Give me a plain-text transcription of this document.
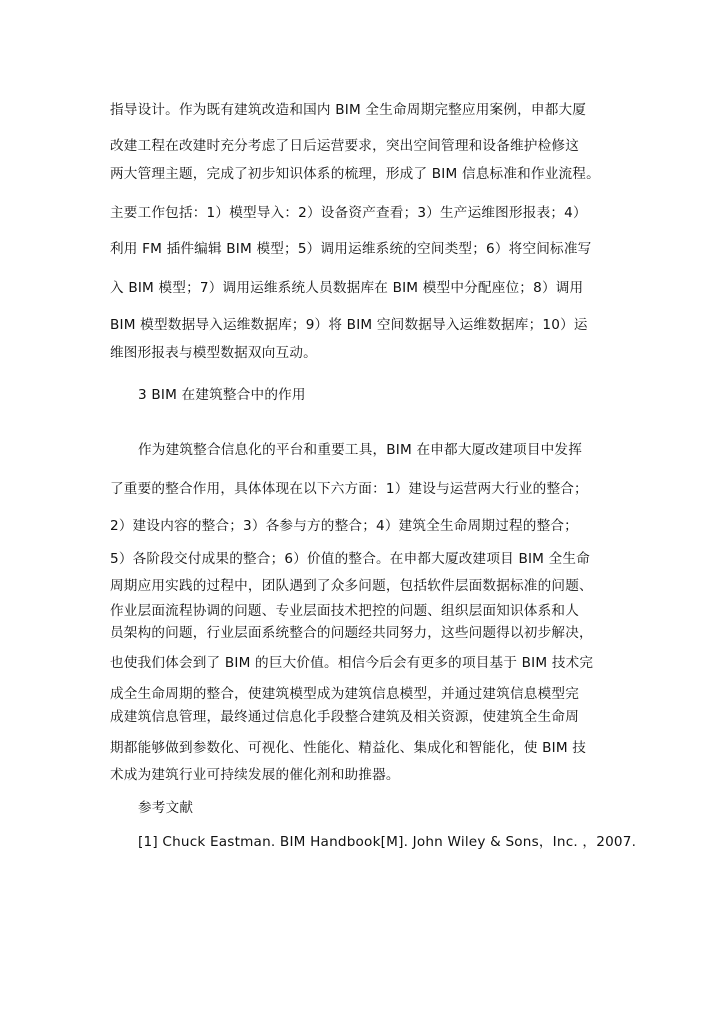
指导设计。作为既有建筑改造和国内 BIM 全生命周期完整应用案例，申都大厦
改建工程在改建时充分考虑了日后运营要求，突出空间管理和设备维护检修这
两大管理主题，完成了初步知识体系的梳理，形成了 BIM 信息标准和作业流程。
主要工作包括：1）模型导入：2）设备资产查看；3）生产运维图形报表；4）
利用 FM 插件编辑 BIM 模型；5）调用运维系统的空间类型；6）将空间标准写
入 BIM 模型；7）调用运维系统人员数据库在 BIM 模型中分配座位；8）调用
BIM 模型数据导入运维数据库；9）将 BIM 空间数据导入运维数据库；10）运
维图形报表与模型数据双向互动。
3 BIM 在建筑整合中的作用
作为建筑整合信息化的平台和重要工具，BIM 在申都大厦改建项目中发挥
了重要的整合作用，具体体现在以下六方面：1）建设与运营两大行业的整合；
2）建设内容的整合；3）各参与方的整合；4）建筑全生命周期过程的整合；
5）各阶段交付成果的整合；6）价值的整合。在申都大厦改建项目 BIM 全生命
周期应用实践的过程中，团队遇到了众多问题，包括软件层面数据标准的问题、
作业层面流程协调的问题、专业层面技术把控的问题、组织层面知识体系和人
员架构的问题，行业层面系统整合的问题经共同努力，这些问题得以初步解决，
也使我们体会到了 BIM 的巨大价值。相信今后会有更多的项目基于 BIM 技术完
成全生命周期的整合，使建筑模型成为建筑信息模型，并通过建筑信息模型完
成建筑信息管理，最终通过信息化手段整合建筑及相关资源，使建筑全生命周
期都能够做到参数化、可视化、性能化、精益化、集成化和智能化，使 BIM 技
术成为建筑行业可持续发展的催化剂和助推器。
参考文献
[1] Chuck Eastman. BIM Handbook[M]. John Wiley & Sons，Inc. ，2007.
